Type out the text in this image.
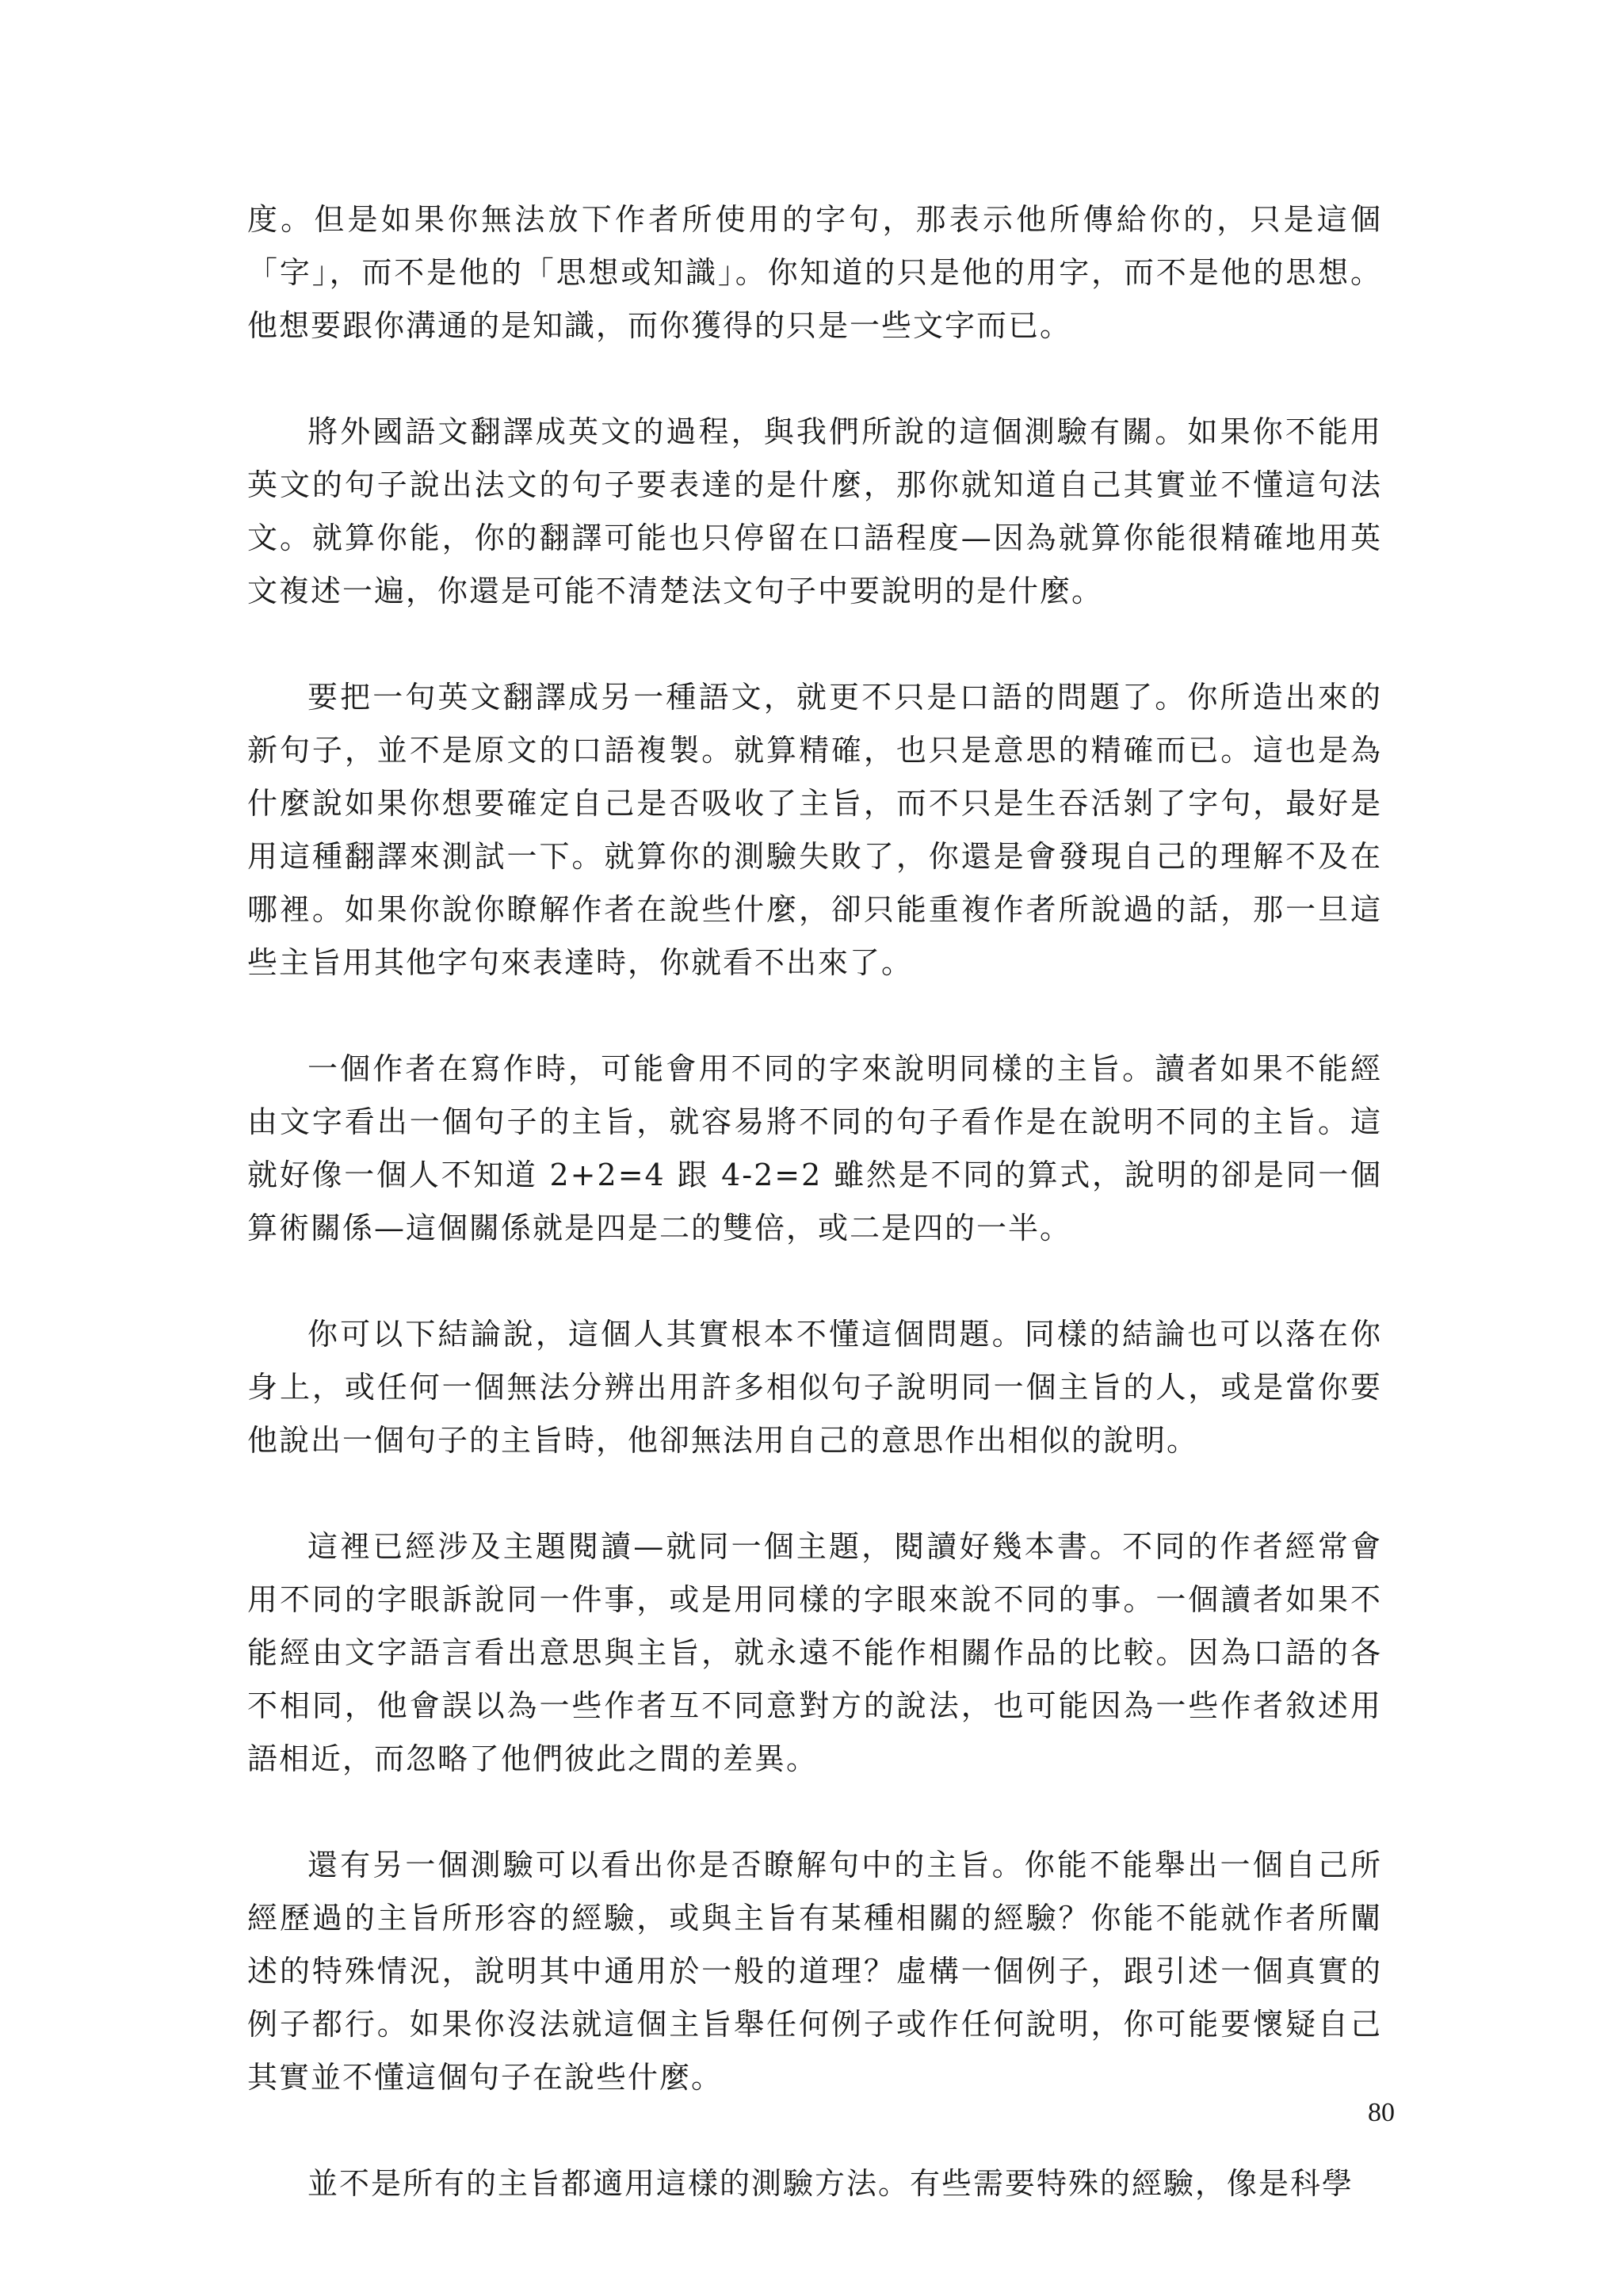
度。但是如果你無法放下作者所使用的字句，那表示他所傳給你的，只是這個「字」，而不是他的「思想或知識」。你知道的只是他的用字，而不是他的思想。他想要跟你溝通的是知識，而你獲得的只是一些文字而已。

將外國語文翻譯成英文的過程，與我們所說的這個測驗有關。如果你不能用英文的句子說出法文的句子要表達的是什麼，那你就知道自己其實並不懂這句法文。就算你能，你的翻譯可能也只停留在口語程度—因為就算你能很精確地用英文複述一遍，你還是可能不清楚法文句子中要說明的是什麼。

要把一句英文翻譯成另一種語文，就更不只是口語的問題了。你所造出來的新句子，並不是原文的口語複製。就算精確，也只是意思的精確而已。這也是為什麼說如果你想要確定自己是否吸收了主旨，而不只是生吞活剝了字句，最好是用這種翻譯來測試一下。就算你的測驗失敗了，你還是會發現自己的理解不及在哪裡。如果你說你瞭解作者在說些什麼，卻只能重複作者所說過的話，那一旦這些主旨用其他字句來表達時，你就看不出來了。

一個作者在寫作時，可能會用不同的字來說明同樣的主旨。讀者如果不能經由文字看出一個句子的主旨，就容易將不同的句子看作是在說明不同的主旨。這就好像一個人不知道 2+2=4 跟 4-2=2 雖然是不同的算式，說明的卻是同一個算術關係—這個關係就是四是二的雙倍，或二是四的一半。

你可以下結論說，這個人其實根本不懂這個問題。同樣的結論也可以落在你身上，或任何一個無法分辨出用許多相似句子說明同一個主旨的人，或是當你要他說出一個句子的主旨時，他卻無法用自己的意思作出相似的說明。

這裡已經涉及主題閱讀—就同一個主題，閱讀好幾本書。不同的作者經常會用不同的字眼訴說同一件事，或是用同樣的字眼來說不同的事。一個讀者如果不能經由文字語言看出意思與主旨，就永遠不能作相關作品的比較。因為口語的各不相同，他會誤以為一些作者互不同意對方的說法，也可能因為一些作者敘述用語相近，而忽略了他們彼此之間的差異。

還有另一個測驗可以看出你是否瞭解句中的主旨。你能不能舉出一個自己所經歷過的主旨所形容的經驗，或與主旨有某種相關的經驗？你能不能就作者所闡述的特殊情況，說明其中通用於一般的道理？虛構一個例子，跟引述一個真實的例子都行。如果你沒法就這個主旨舉任何例子或作任何說明，你可能要懷疑自己其實並不懂這個句子在說些什麼。

並不是所有的主旨都適用這樣的測驗方法。有些需要特殊的經驗，像是科學

80
